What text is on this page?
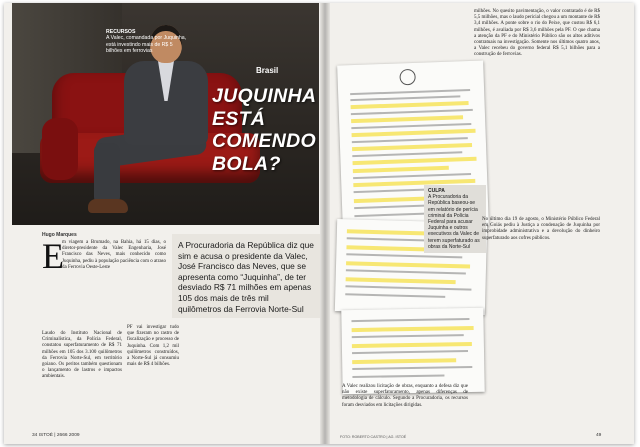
RECURSOS
A Valec, comandada por Juquinha, está investindo mais de R$ 5 bilhões em ferrovias
Brasil
JUQUINHA
ESTÁ
COMENDO
BOLA?
Hugo Marques
E
m viagem a Brumado, na Bahia, há 15 dias, o diretor-presidente da Valec Engenharia, José Francisco das Neves, mais conhecido como Juquinha, pediu à população paciência com o atraso da Ferrovia Oeste-Leste

A Procuradoria da República diz que sim e acusa o presidente da Valec, José Francisco das Neves, que se apresenta como “Juquinha”, de ter desviado R$ 71 milhões em apenas 105 dos mais de três mil quilômetros da Ferrovia Norte-Sul

Laudo do Instituto Nacional de Criminalística, da Polícia Federal, constatou superfaturamento de R$ 71 milhões em 105 dos 3.100 quilômetros da Ferrovia Norte-Sul, em território goiano. Os peritos também questionam o lançamento de lastros e impactos ambientais.
PF vai investigar tudo que fizeram no rastro de fiscalização e processo de Juquinha. Com 1,2 mil quilômetros construídos, a Norte-Sul já consumiu mais de R$ 4 bilhões.
34 ISTOÉ | 2666 2009
CULPA
A Procuradoria da República baseou-se em relatório de perícia criminal da Polícia Federal para acusar Juquinha e outros executivos da Valec de terem superfaturado as obras da Norte-Sul
milhões. No quesito pavimentação, o valor contratado é de R$ 5,5 milhões, mas o laudo pericial chegou a um montante de R$ 3,4 milhões. A ponte sobre o rio do Peixe, que custou R$ 6,1 milhões, é avaliada por R$ 3,6 milhões pela PF. O que chama a atenção da PF e do Ministério Público são os altos aditivos contratuais na investigação. Somente nos últimos quatro anos, a Valec recebeu do governo federal R$ 5,1 bilhões para a construção de ferrovias.
No último dia 19 de agosto, o Ministério Público Federal em Goiás pediu à Justiça a condenação de Juquinha por improbidade administrativa e a devolução do dinheiro superfaturado aos cofres públicos.
A Valec realizou licitação de obras, enquanto a defesa diz que não existe superfaturamento, apenas diferenças de metodologia de cálculo. Segundo a Procuradoria, os recursos foram desviados em licitações dirigidas.
FOTO: ROBERTO CASTRO | AG. ISTOÉ	49
